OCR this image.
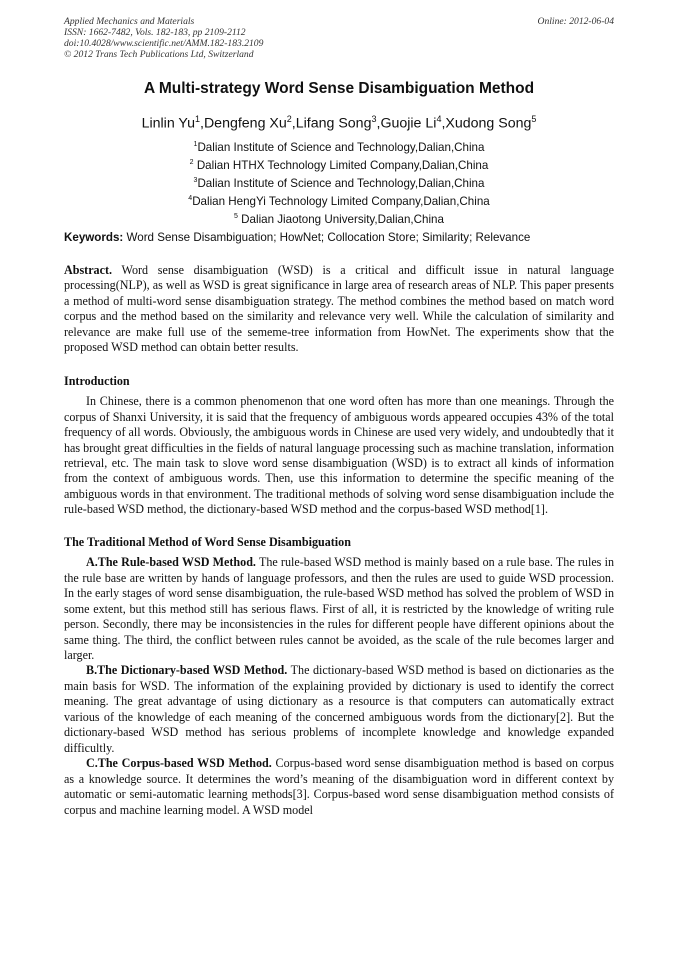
Applied Mechanics and Materials
ISSN: 1662-7482, Vols. 182-183, pp 2109-2112
doi:10.4028/www.scientific.net/AMM.182-183.2109
© 2012 Trans Tech Publications Ltd, Switzerland
Online: 2012-06-04
A Multi-strategy Word Sense Disambiguation Method
Linlin Yu$^1$,Dengfeng Xu$^2$,Lifang Song$^3$,Guojie Li$^4$,Xudong Song$^5$
$^1$Dalian Institute of Science and Technology,Dalian,China
$^2$ Dalian HTHX Technology Limited Company,Dalian,China
$^3$Dalian Institute of Science and Technology,Dalian,China
$^4$Dalian HengYi Technology Limited Company,Dalian,China
$^5$ Dalian Jiaotong University,Dalian,China
Keywords: Word Sense Disambiguation; HowNet; Collocation Store; Similarity; Relevance

Abstract. Word sense disambiguation (WSD) is a critical and difficult issue in natural language processing(NLP), as well as WSD is great significance in large area of research areas of NLP. This paper presents a method of multi-word sense disambiguation strategy. The method combines the method based on match word corpus and the method based on the similarity and relevance very well. While the calculation of similarity and relevance are make full use of the sememe-tree information from HowNet. The experiments show that the proposed WSD method can obtain better results.

Introduction

In Chinese, there is a common phenomenon that one word often has more than one meanings. Through the corpus of Shanxi University, it is said that the frequency of ambiguous words appeared occupies 43% of the total frequency of all words. Obviously, the ambiguous words in Chinese are used very widely, and undoubtedly that it has brought great difficulties in the fields of natural language processing such as machine translation, information retrieval, etc. The main task to slove word sense disambiguation (WSD) is to extract all kinds of information from the context of ambiguous words. Then, use this information to determine the specific meaning of the ambiguous words in that environment. The traditional methods of solving word sense disambiguation include the rule-based WSD method, the dictionary-based WSD method and the corpus-based WSD method[1].

The Traditional Method of Word Sense Disambiguation

A.The Rule-based WSD Method. The rule-based WSD method is mainly based on a rule base. The rules in the rule base are written by hands of language professors, and then the rules are used to guide WSD procession. In the early stages of word sense disambiguation, the rule-based WSD method has solved the problem of WSD in some extent, but this method still has serious flaws. First of all, it is restricted by the knowledge of writing rule person. Secondly, there may be inconsistencies in the rules for different people have different opinions about the same thing. The third, the conflict between rules cannot be avoided, as the scale of the rule becomes larger and larger.

B.The Dictionary-based WSD Method. The dictionary-based WSD method is based on dictionaries as the main basis for WSD. The information of the explaining provided by dictionary is used to identify the correct meaning. The great advantage of using dictionary as a resource is that computers can automatically extract various of the knowledge of each meaning of the concerned ambiguous words from the dictionary[2]. But the dictionary-based WSD method has serious problems of incomplete knowledge and knowledge expanded difficultly.

C.The Corpus-based WSD Method. Corpus-based word sense disambiguation method is based on corpus as a knowledge source. It determines the word’s meaning of the disambiguation word in different context by automatic or semi-automatic learning methods[3]. Corpus-based word sense disambiguation method consists of corpus and machine learning model. A WSD model
